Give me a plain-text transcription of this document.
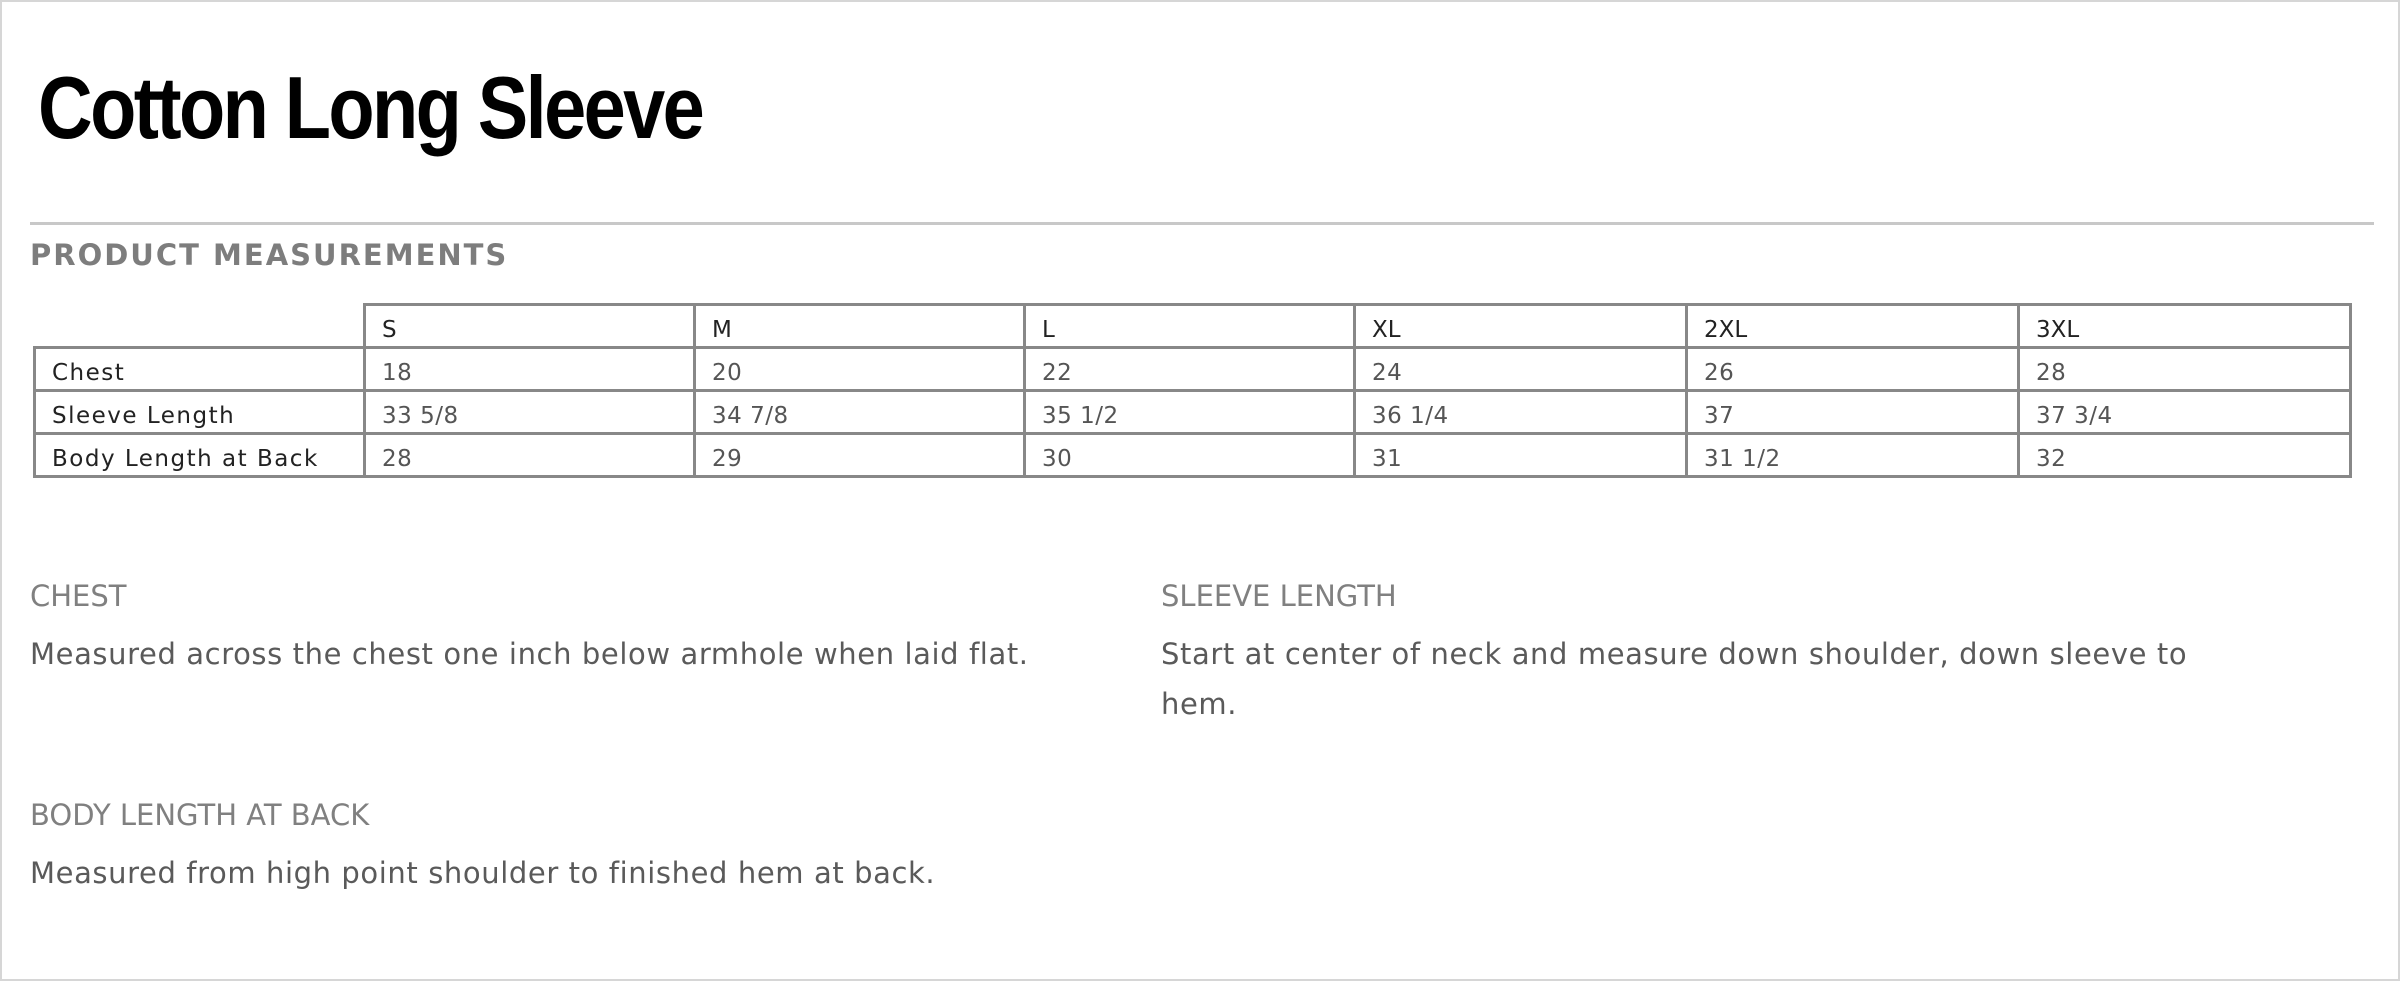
Cotton Long Sleeve
PRODUCT MEASUREMENTS
	S	M	L	XL	2XL	3XL
Chest	18	20	22	24	26	28
Sleeve Length	33 5/8	34 7/8	35 1/2	36 1/4	37	37 3/4
Body Length at Back	28	29	30	31	31 1/2	32
CHEST
Measured across the chest one inch below armhole when laid flat.
SLEEVE LENGTH
Start at center of neck and measure down shoulder, down sleeve to hem.
BODY LENGTH AT BACK
Measured from high point shoulder to finished hem at back.
